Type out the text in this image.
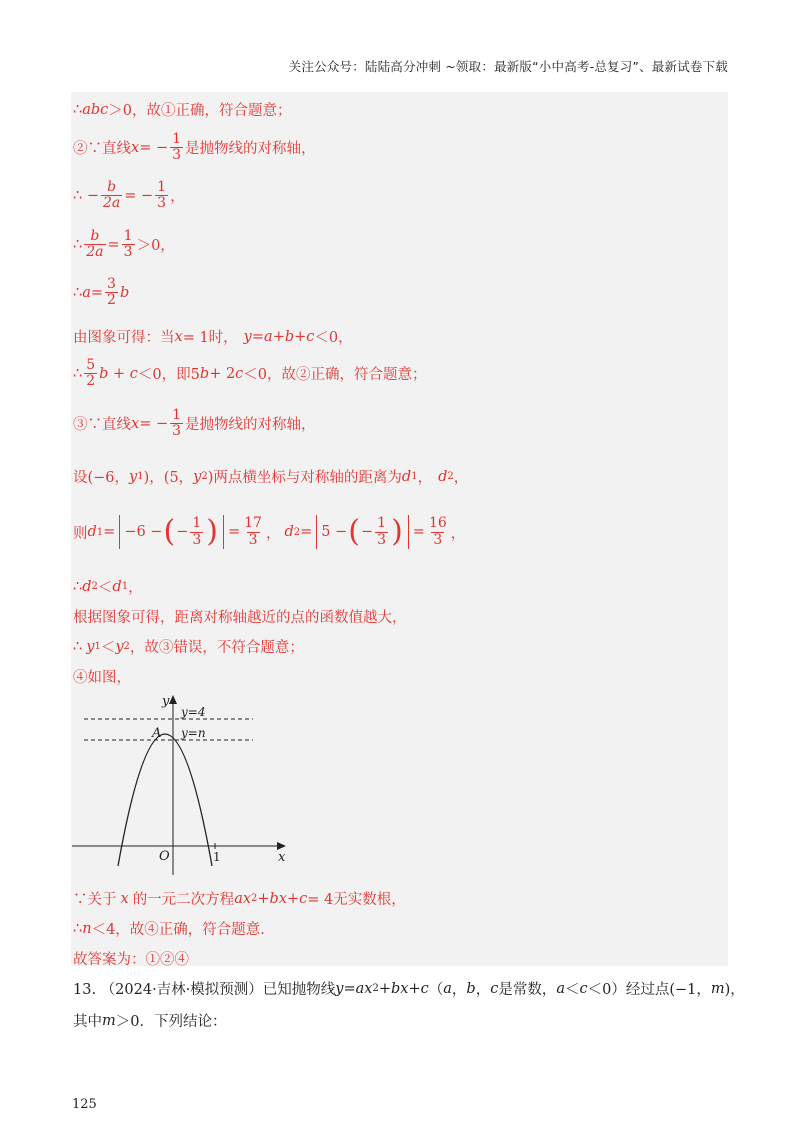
关注公众号：陆陆高分冲刺 ~领取：最新版“小中高考-总复习”、最新试卷下载
∴ abc ＞0，故①正确，符合题意；
②∵直线 x = − $\frac{1}{3}$ 是抛物线的对称轴，
∴ − $\frac{b}{2a}$ = − $\frac{1}{3}$ ，
∴ $\frac{b}{2a} = \frac{1}{3} >0$，
∴ $a = \frac{3}{2}$ b
由图象可得：当 x = 1时， y = a + b + c ＜0，
∴ $\frac{5}{2}$ b + c ＜0，即5 b + 2 c ＜0，故②正确，符合题意；
③∵直线 x = − $\frac{1}{3}$ 是抛物线的对称轴，
设(−6， y 1 )，(5， y 2 )两点横坐标与对称轴的距离为 d 1 ， d 2 ，
则 d 1 = −6 − ( − $\frac{1}{3}$ ) = $\frac{17}{3}$ ， d 2 = 5 − ( − $\frac{1}{3}$ ) = $\frac{16}{3}$ ，
∴ d 2 ＜ d 1 ，
根据图象可得，距离对称轴越近的点的函数值越大，
∴ y 1 ＜ y 2 ，故③错误，不符合题意；
④如图，
y
x
O	1
y=4
y=n
A
∵关于 x 的一元二次方程 ax 2 + bx + c = 4无实数根，
∴ n ＜4，故④正确，符合题意.
故答案为：①②④
13. （2024·吉林·模拟预测）已知抛物线 y = ax 2 + bx + c （ a ， b ， c 是常数， a ＜ c ＜0）经过点(−1， m )，
其中 m ＞0．下列结论：
125
